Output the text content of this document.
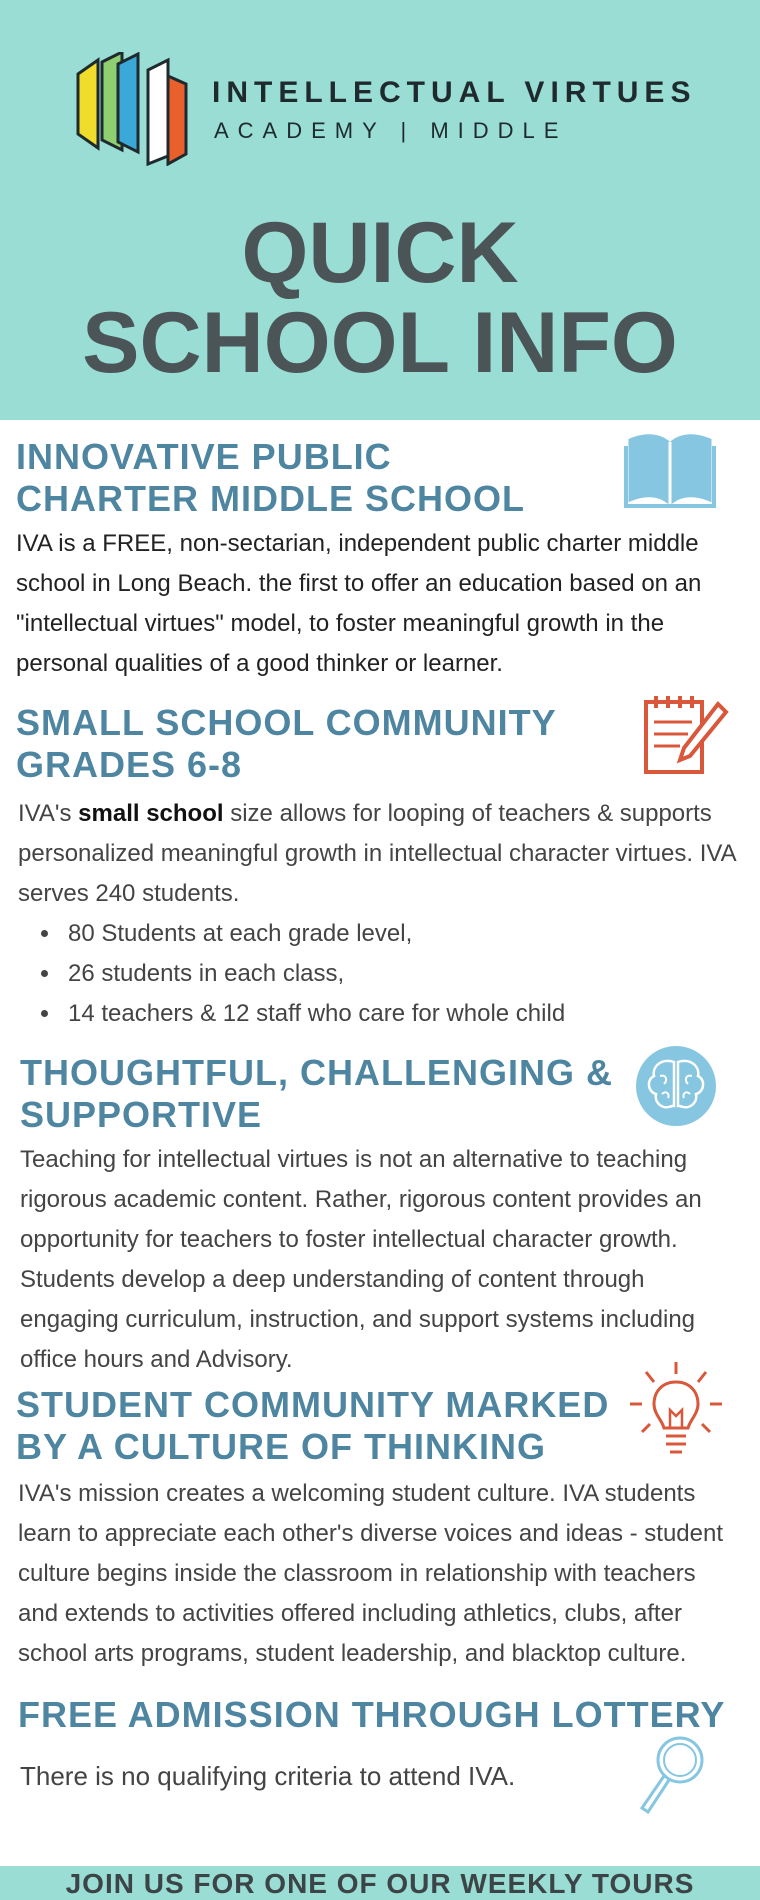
INTELLECTUAL VIRTUES
ACADEMY | MIDDLE
QUICK
SCHOOL INFO
INNOVATIVE PUBLIC
CHARTER MIDDLE SCHOOL
IVA is a FREE, non-sectarian, independent public charter middle school in Long Beach. the first to offer an education based on an "intellectual virtues" model, to foster meaningful growth in the personal qualities of a good thinker or learner.
SMALL SCHOOL COMMUNITY
GRADES 6-8
IVA's small school size allows for looping of teachers & supports personalized meaningful growth in intellectual character virtues. IVA serves 240 students.
• 80 Students at each grade level,
• 26 students in each class,
• 14 teachers & 12 staff who care for whole child
THOUGHTFUL, CHALLENGING &
SUPPORTIVE
Teaching for intellectual virtues is not an alternative to teaching rigorous academic content. Rather, rigorous content provides an opportunity for teachers to foster intellectual character growth. Students develop a deep understanding of content through engaging curriculum, instruction, and support systems including office hours and Advisory.
STUDENT COMMUNITY MARKED
BY A CULTURE OF THINKING
IVA's mission creates a welcoming student culture. IVA students learn to appreciate each other's diverse voices and ideas - student culture begins inside the classroom in relationship with teachers and extends to activities offered including athletics, clubs, after school arts programs, student leadership, and blacktop culture.
FREE ADMISSION THROUGH LOTTERY
There is no qualifying criteria to attend IVA.
JOIN US FOR ONE OF OUR WEEKLY TOURS
